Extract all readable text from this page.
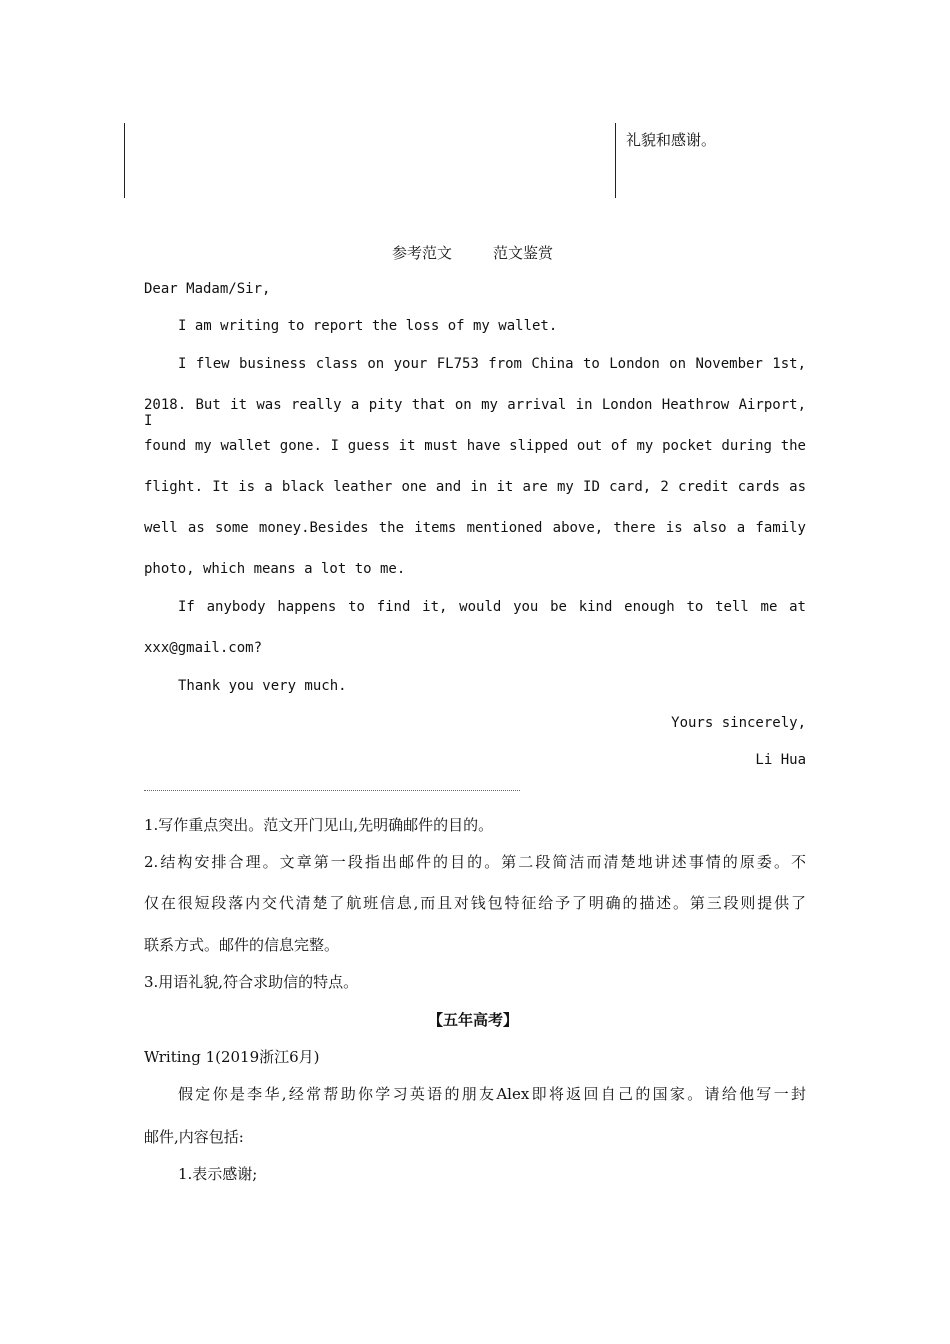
礼貌和感谢。
参考范文	范文鉴赏
Dear Madam/Sir,
I am writing to report the loss of my wallet.
I flew business class on your FL753 from China to London on November 1st,
2018. But it was really a pity that on my arrival in London Heathrow Airport, I
found my wallet gone. I guess it must have slipped out of my pocket during the
flight. It is a black leather one and in it are my ID card, 2 credit cards as
well as some money.Besides the items mentioned above, there is also a family
photo, which means a lot to me.
If anybody happens to find it, would you be kind enough to tell me at
xxx@gmail.com?
Thank you very much.
Yours sincerely,
Li Hua
1.写作重点突出。范文开门见山,先明确邮件的目的。
2.结构安排合理。文章第一段指出邮件的目的。第二段简洁而清楚地讲述事情的原委。不
仅在很短段落内交代清楚了航班信息,而且对钱包特征给予了明确的描述。第三段则提供了
联系方式。邮件的信息完整。
3.用语礼貌,符合求助信的特点。
【五年高考】
Writing 1(2019浙江6月)
假定你是李华,经常帮助你学习英语的朋友Alex即将返回自己的国家。请给他写一封
邮件,内容包括:
1.表示感谢;
